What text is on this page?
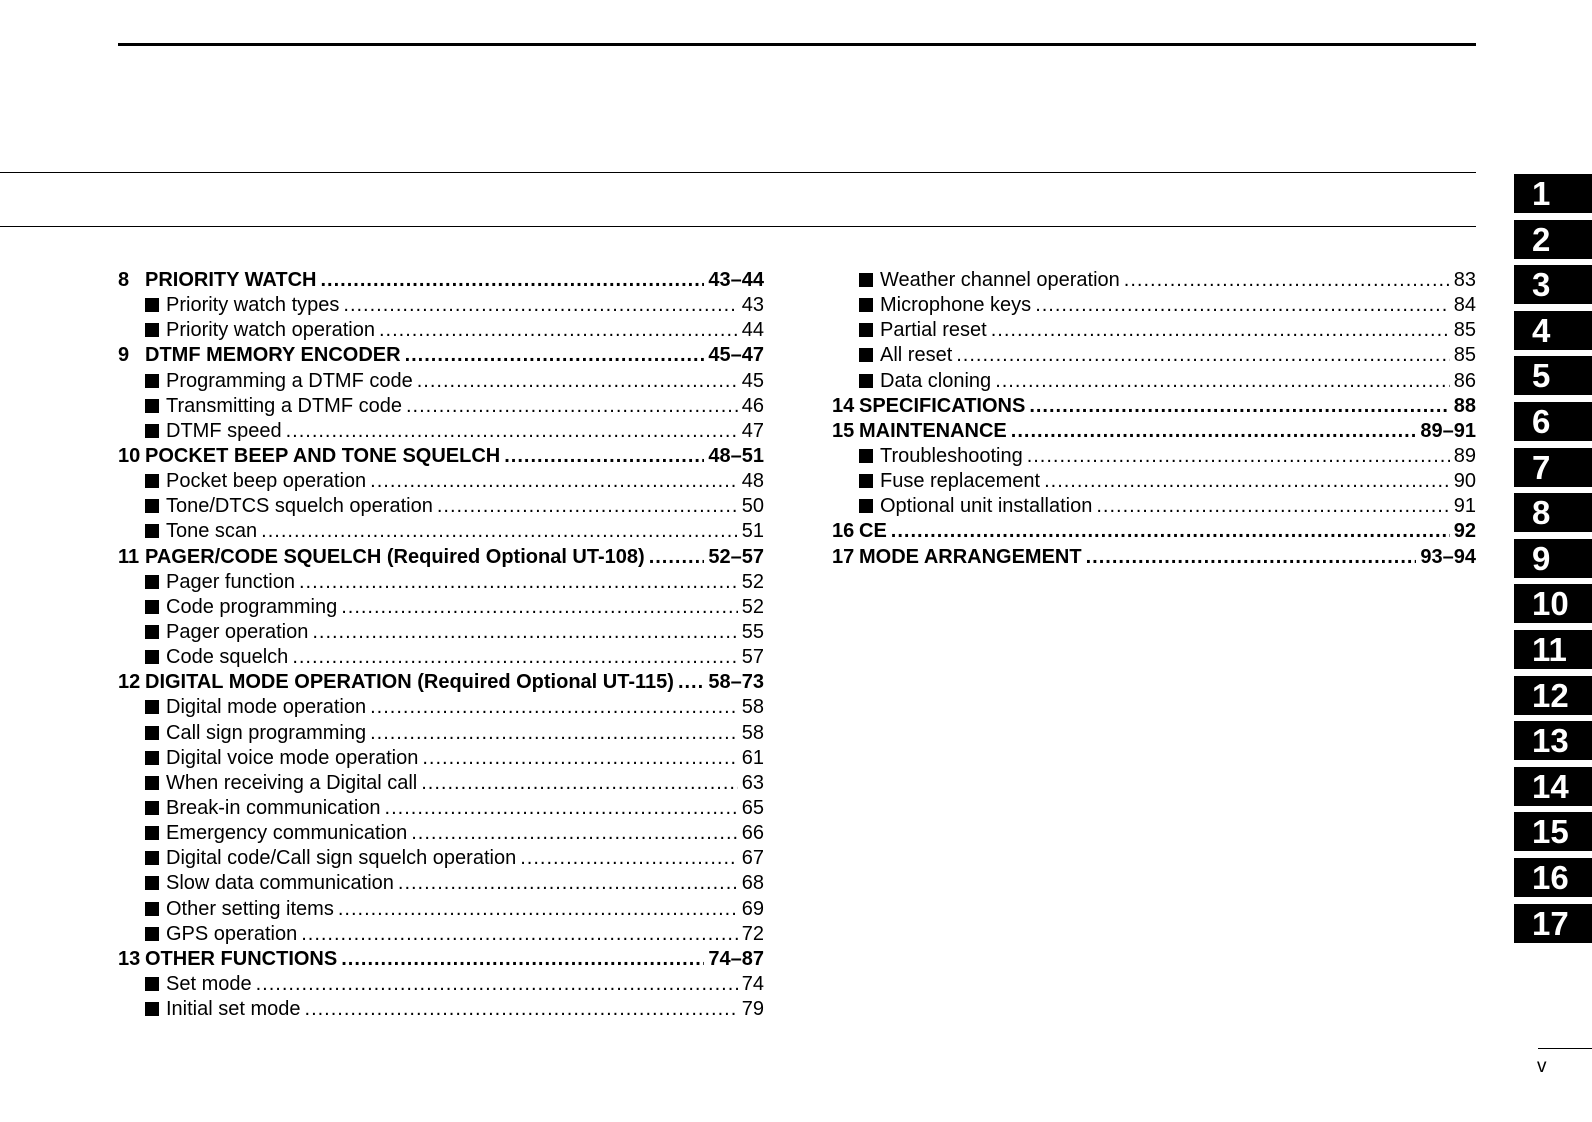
8 PRIORITY WATCH .....	43–44
Priority watch types .....	43
Priority watch operation .....	44
9 DTMF MEMORY ENCODER .....	45–47
Programming a DTMF code .....	45
Transmitting a DTMF code .....	46
DTMF speed .....	47
10 POCKET BEEP AND TONE SQUELCH .....	48–51
Pocket beep operation .....	48
Tone/DTCS squelch operation .....	50
Tone scan .....	51
11 PAGER/CODE SQUELCH (Required Optional UT-108) .....	52–57
Pager function .....	52
Code programming .....	52
Pager operation .....	55
Code squelch .....	57
12 DIGITAL MODE OPERATION (Required Optional UT-115) ..... 58–73
Digital mode operation .....	58
Call sign programming .....	58
Digital voice mode operation .....	61
When receiving a Digital call .....	63
Break-in communication .....	65
Emergency communication .....	66
Digital code/Call sign squelch operation .....	67
Slow data communication .....	68
Other setting items .....	69
GPS operation .....	72
13 OTHER FUNCTIONS .....	74–87
Set mode .....	74
Initial set mode .....	79
Weather channel operation .....	83
Microphone keys .....	84
Partial reset .....	85
All reset .....	85
Data cloning .....	86
14 SPECIFICATIONS .....	88
15 MAINTENANCE .....	89–91
Troubleshooting .....	89
Fuse replacement .....	90
Optional unit installation .....	91
16 CE .....	92
17 MODE ARRANGEMENT .....	93–94
1
2
3
4
5
6
7
8
9
10
11
12
13
14
15
16
17
v
